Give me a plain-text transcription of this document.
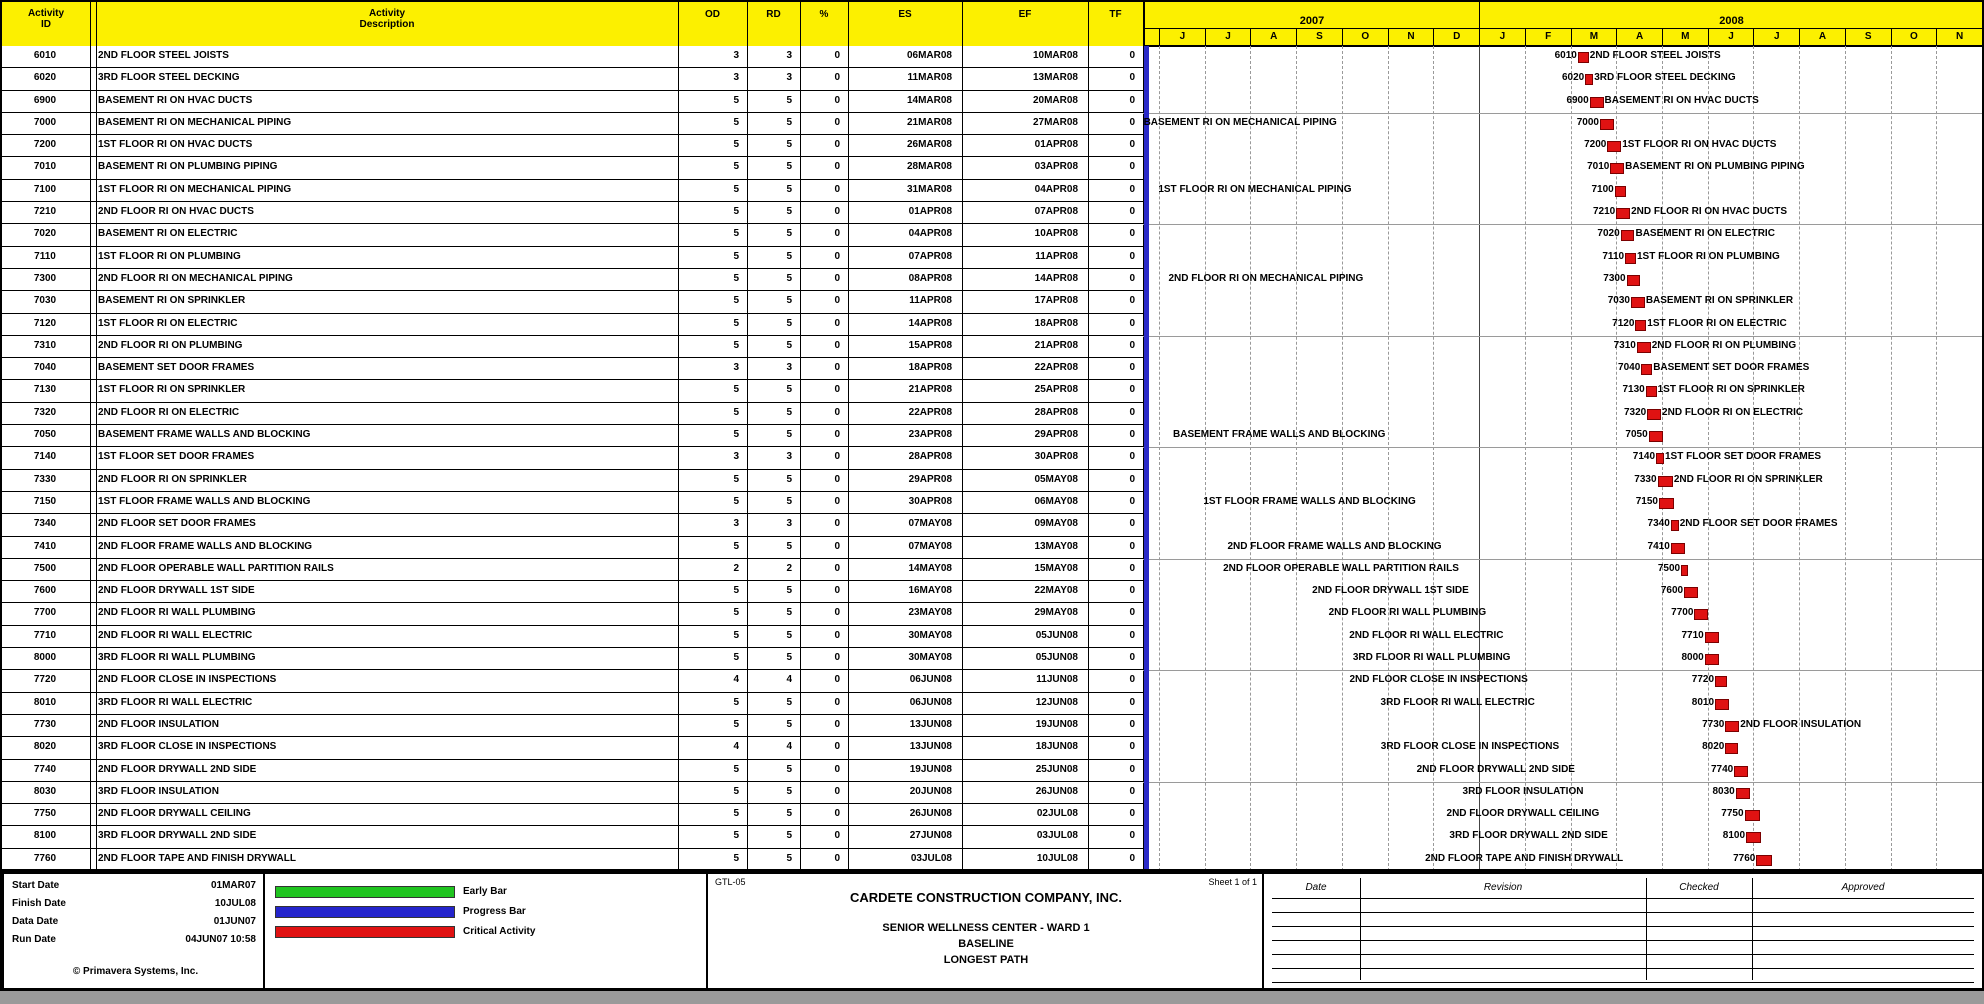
Activity
ID
Activity
Description
OD	RD	%	ES	EF	TF
2007	2008
J	J	A	S	O	N	D	J	F	M	A	M	J	J	A	S	O	N
6010	2ND FLOOR STEEL JOISTS	3	3	0	06MAR08	10MAR08	0
6020	3RD FLOOR STEEL DECKING	3	3	0	11MAR08	13MAR08	0
6900	BASEMENT RI ON HVAC DUCTS	5	5	0	14MAR08	20MAR08	0
7000	BASEMENT RI ON MECHANICAL PIPING	5	5	0	21MAR08	27MAR08	0
7200	1ST FLOOR RI ON HVAC DUCTS	5	5	0	26MAR08	01APR08	0
7010	BASEMENT RI ON PLUMBING PIPING	5	5	0	28MAR08	03APR08	0
7100	1ST FLOOR RI ON MECHANICAL PIPING	5	5	0	31MAR08	04APR08	0
7210	2ND FLOOR RI ON HVAC DUCTS	5	5	0	01APR08	07APR08	0
7020	BASEMENT RI ON ELECTRIC	5	5	0	04APR08	10APR08	0
7110	1ST FLOOR RI ON PLUMBING	5	5	0	07APR08	11APR08	0
7300	2ND FLOOR RI ON MECHANICAL PIPING	5	5	0	08APR08	14APR08	0
7030	BASEMENT RI ON SPRINKLER	5	5	0	11APR08	17APR08	0
7120	1ST FLOOR RI ON ELECTRIC	5	5	0	14APR08	18APR08	0
7310	2ND FLOOR RI ON PLUMBING	5	5	0	15APR08	21APR08	0
7040	BASEMENT SET DOOR FRAMES	3	3	0	18APR08	22APR08	0
7130	1ST FLOOR RI ON SPRINKLER	5	5	0	21APR08	25APR08	0
7320	2ND FLOOR RI ON ELECTRIC	5	5	0	22APR08	28APR08	0
7050	BASEMENT FRAME WALLS AND BLOCKING	5	5	0	23APR08	29APR08	0
7140	1ST FLOOR SET DOOR FRAMES	3	3	0	28APR08	30APR08	0
7330	2ND FLOOR RI ON SPRINKLER	5	5	0	29APR08	05MAY08	0
7150	1ST FLOOR FRAME WALLS AND BLOCKING	5	5	0	30APR08	06MAY08	0
7340	2ND FLOOR SET DOOR FRAMES	3	3	0	07MAY08	09MAY08	0
7410	2ND FLOOR FRAME WALLS AND BLOCKING	5	5	0	07MAY08	13MAY08	0
7500	2ND FLOOR OPERABLE WALL PARTITION RAILS	2	2	0	14MAY08	15MAY08	0
7600	2ND FLOOR DRYWALL 1ST SIDE	5	5	0	16MAY08	22MAY08	0
7700	2ND FLOOR RI WALL PLUMBING	5	5	0	23MAY08	29MAY08	0
7710	2ND FLOOR RI WALL ELECTRIC	5	5	0	30MAY08	05JUN08	0
8000	3RD FLOOR RI WALL PLUMBING	5	5	0	30MAY08	05JUN08	0
7720	2ND FLOOR CLOSE IN INSPECTIONS	4	4	0	06JUN08	11JUN08	0
8010	3RD FLOOR RI WALL ELECTRIC	5	5	0	06JUN08	12JUN08	0
7730	2ND FLOOR INSULATION	5	5	0	13JUN08	19JUN08	0
8020	3RD FLOOR CLOSE IN INSPECTIONS	4	4	0	13JUN08	18JUN08	0
7740	2ND FLOOR DRYWALL 2ND SIDE	5	5	0	19JUN08	25JUN08	0
8030	3RD FLOOR INSULATION	5	5	0	20JUN08	26JUN08	0
7750	2ND FLOOR DRYWALL CEILING	5	5	0	26JUN08	02JUL08	0
8100	3RD FLOOR DRYWALL 2ND SIDE	5	5	0	27JUN08	03JUL08	0
7760	2ND FLOOR TAPE AND FINISH DRYWALL	5	5	0	03JUL08	10JUL08	0
6010 2ND FLOOR STEEL JOISTS
6020 3RD FLOOR STEEL DECKING
6900 BASEMENT RI ON HVAC DUCTS
BASEMENT RI ON MECHANICAL PIPING	7000
7200 1ST FLOOR RI ON HVAC DUCTS
7010 BASEMENT RI ON PLUMBING PIPING
1ST FLOOR RI ON MECHANICAL PIPING	7100
7210 2ND FLOOR RI ON HVAC DUCTS
7020 BASEMENT RI ON ELECTRIC
7110 1ST FLOOR RI ON PLUMBING
2ND FLOOR RI ON MECHANICAL PIPING	7300
7030 BASEMENT RI ON SPRINKLER
7120 1ST FLOOR RI ON ELECTRIC
7310 2ND FLOOR RI ON PLUMBING
7040 BASEMENT SET DOOR FRAMES
7130 1ST FLOOR RI ON SPRINKLER
7320 2ND FLOOR RI ON ELECTRIC
BASEMENT FRAME WALLS AND BLOCKING	7050
7140 1ST FLOOR SET DOOR FRAMES
7330 2ND FLOOR RI ON SPRINKLER
1ST FLOOR FRAME WALLS AND BLOCKING	7150
7340 2ND FLOOR SET DOOR FRAMES
2ND FLOOR FRAME WALLS AND BLOCKING	7410
2ND FLOOR OPERABLE WALL PARTITION RAILS	7500
2ND FLOOR DRYWALL 1ST SIDE	7600
2ND FLOOR RI WALL PLUMBING	7700
2ND FLOOR RI WALL ELECTRIC	7710
3RD FLOOR RI WALL PLUMBING	8000
2ND FLOOR CLOSE IN INSPECTIONS	7720
3RD FLOOR RI WALL ELECTRIC	8010
7730 2ND FLOOR INSULATION
3RD FLOOR CLOSE IN INSPECTIONS	8020
2ND FLOOR DRYWALL 2ND SIDE	7740
3RD FLOOR INSULATION	8030
2ND FLOOR DRYWALL CEILING	7750
3RD FLOOR DRYWALL 2ND SIDE	8100
2ND FLOOR TAPE AND FINISH DRYWALL	7760
Start Date	01MAR07
Finish Date	10JUL08
Data Date	01JUN07
Run Date	04JUN07 10:58
© Primavera Systems, Inc.
Early Bar
Progress Bar
Critical Activity
GTL-05	Sheet 1 of 1
CARDETE CONSTRUCTION COMPANY, INC.
SENIOR WELLNESS CENTER - WARD 1
BASELINE
LONGEST PATH
Date	Revision	Checked	Approved
